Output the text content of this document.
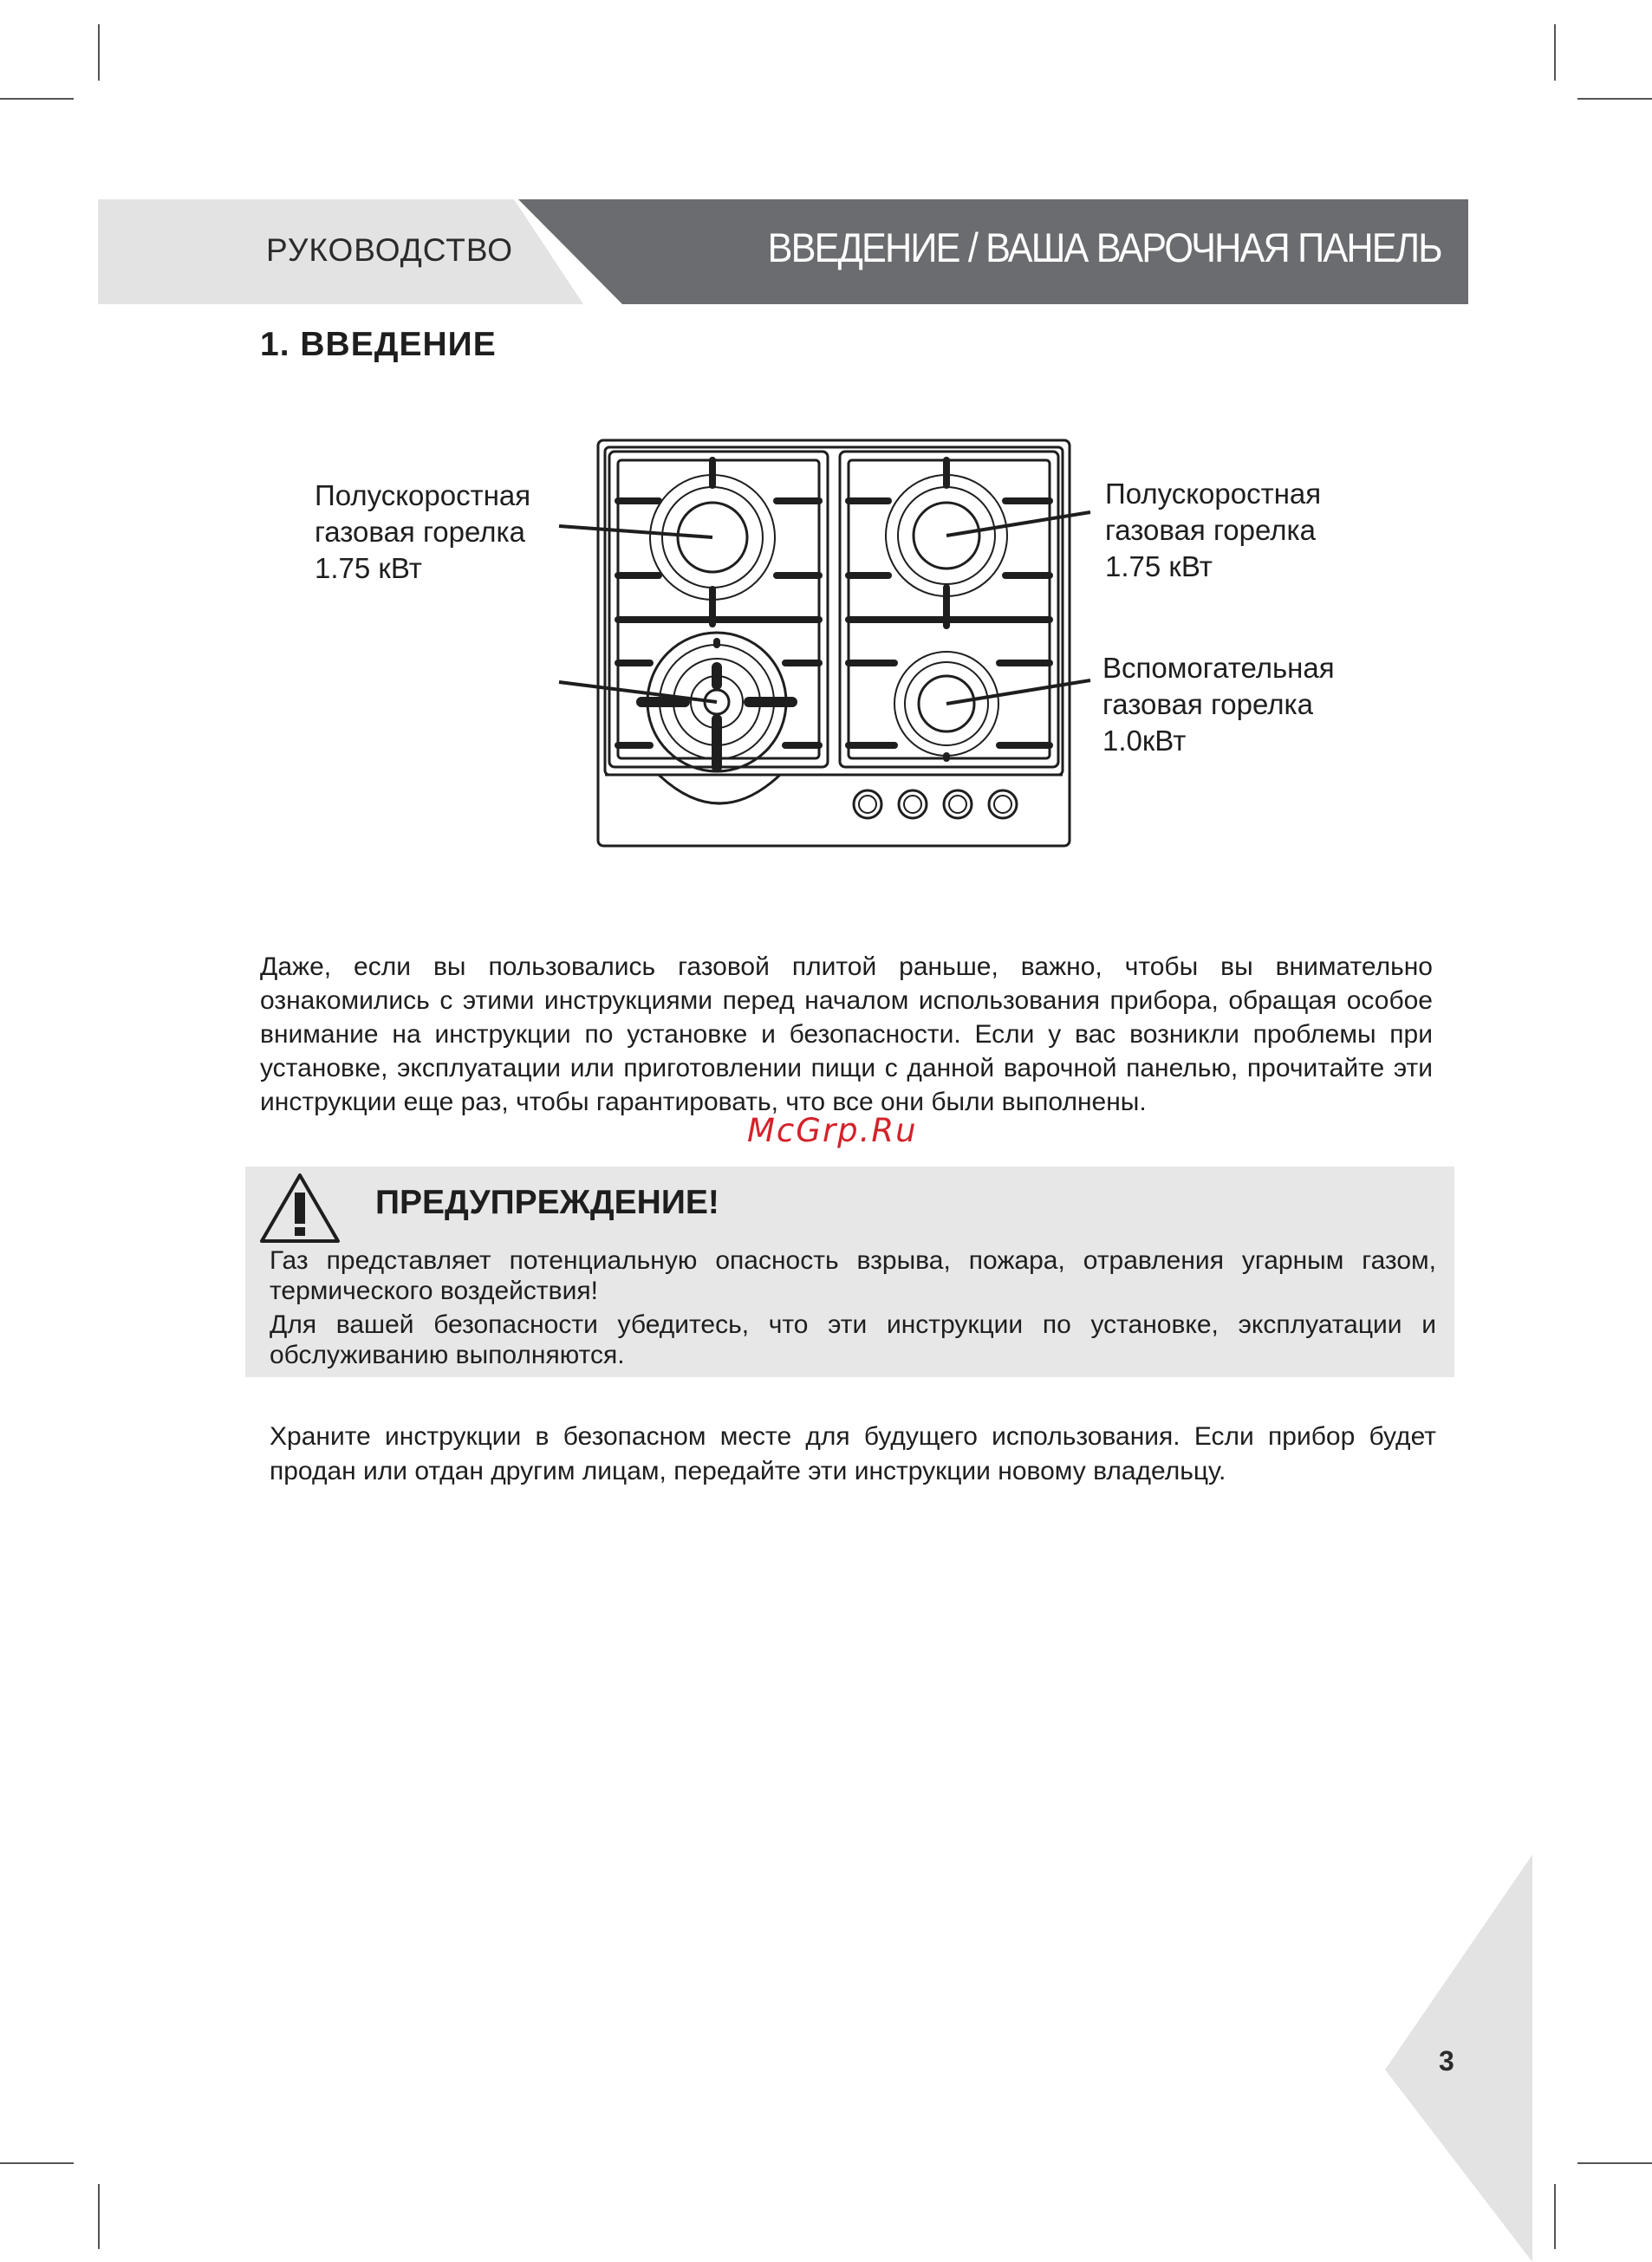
РУКОВОДСТВО	ВВЕДЕНИЕ / ВАША ВАРОЧНАЯ ПАНЕЛЬ
1. ВВЕДЕНИЕ
Полускоростная
газовая горелка
1.75 кВт
Полускоростная
газовая горелка
1.75 кВт
Вспомогательная
газовая горелка
1.0кВт
Даже, если вы пользовались газовой плитой раньше, важно, чтобы вы внимательно ознакомились с этими инструкциями перед началом использования прибора, обращая особое внимание на инструкции по установке и безопасности. Если у вас возникли проблемы при установке, эксплуатации или приготовлении пищи с данной варочной панелью, прочитайте эти инструкции еще раз, чтобы гарантировать, что все они были выполнены.
McGrp.Ru
ПРЕДУПРЕЖДЕНИЕ!
Газ представляет потенциальную опасность взрыва, пожара, отравления угарным газом, термического воздействия!
Для вашей безопасности убедитесь, что эти инструкции по установке, эксплуатации и обслуживанию выполняются.
Храните инструкции в безопасном месте для будущего использования. Если прибор будет продан или отдан другим лицам, передайте эти инструкции новому владельцу.
3
